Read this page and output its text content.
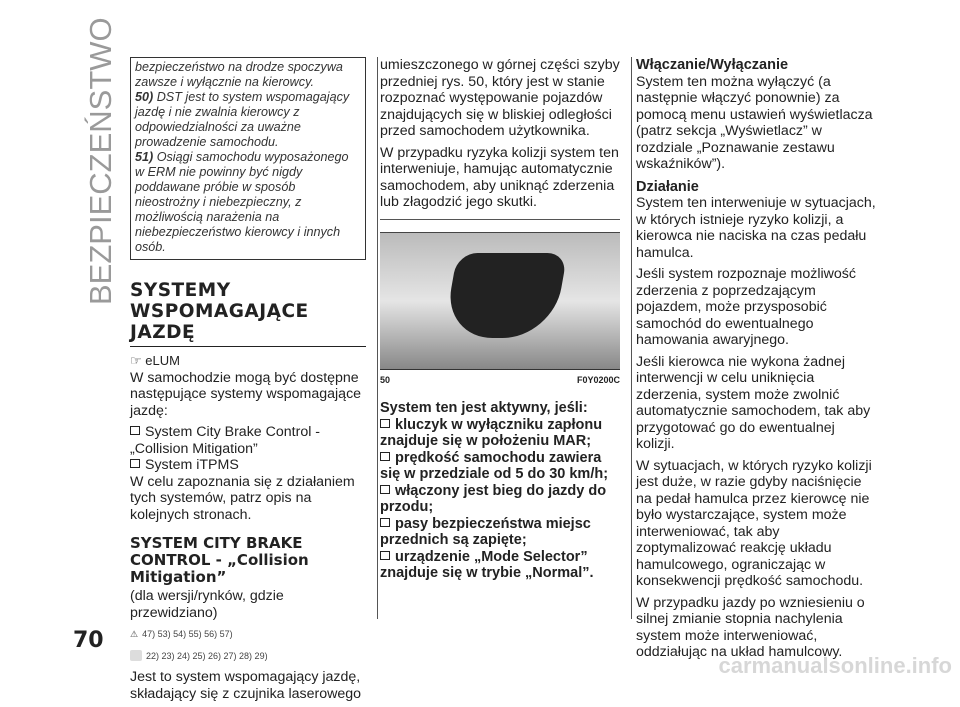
BEZPIECZEŃSTWO
70
bezpieczeństwo na drodze spoczywa zawsze i wyłącznie na kierowcy.
50) DST jest to system wspomagający jazdę i nie zwalnia kierowcy z odpowiedzialności za uważne prowadzenie samochodu.
51) Osiągi samochodu wyposażonego w ERM nie powinny być nigdy poddawane próbie w sposób nieostrożny i niebezpieczny, z możliwością narażenia na niebezpieczeństwo kierowcy i innych osób.
SYSTEMY WSPOMAGAJĄCE JAZDĘ
☞ eLUM

W samochodzie mogą być dostępne następujące systemy wspomagające jazdę:

System City Brake Control - „Collision Mitigation”
System iTPMS

W celu zapoznania się z działaniem tych systemów, patrz opis na kolejnych stronach.

SYSTEM CITY BRAKE CONTROL - „Collision Mitigation”

(dla wersji/rynków, gdzie przewidziano)

⚠ 47) 53) 54) 55) 56) 57)
22) 23) 24) 25) 26) 27) 28) 29)

Jest to system wspomagający jazdę, składający się z czujnika laserowego

umieszczonego w górnej części szyby przedniej rys. 50, który jest w stanie rozpoznać występowanie pojazdów znajdujących się w bliskiej odległości przed samochodem użytkownika.

W przypadku ryzyka kolizji system ten interweniuje, hamując automatycznie samochodem, aby uniknąć zderzenia lub złagodzić jego skutki.

50	F0Y0200C
System ten jest aktywny, jeśli:
kluczyk w wyłączniku zapłonu znajduje się w położeniu MAR;
prędkość samochodu zawiera się w przedziale od 5 do 30 km/h;
włączony jest bieg do jazdy do przodu;
pasy bezpieczeństwa miejsc przednich są zapięte;
urządzenie „Mode Selector” znajduje się w trybie „Normal”.
Włączanie/Wyłączanie

System ten można wyłączyć (a następnie włączyć ponownie) za pomocą menu ustawień wyświetlacza (patrz sekcja „Wyświetlacz” w rozdziale „Poznawanie zestawu wskaźników”).

Działanie

System ten interweniuje w sytuacjach, w których istnieje ryzyko kolizji, a kierowca nie naciska na czas pedału hamulca.

Jeśli system rozpoznaje możliwość zderzenia z poprzedzającym pojazdem, może przysposobić samochód do ewentualnego hamowania awaryjnego.

Jeśli kierowca nie wykona żadnej interwencji w celu uniknięcia zderzenia, system może zwolnić automatycznie samochodem, tak aby przygotować go do ewentualnej kolizji.

W sytuacjach, w których ryzyko kolizji jest duże, w razie gdyby naciśnięcie na pedał hamulca przez kierowcę nie było wystarczające, system może interweniować, tak aby zoptymalizować reakcję układu hamulcowego, ograniczając w konsekwencji prędkość samochodu.

W przypadku jazdy po wzniesieniu o silnej zmianie stopnia nachylenia system może interweniować, oddziałując na układ hamulcowy.

carmanualsonline.info
